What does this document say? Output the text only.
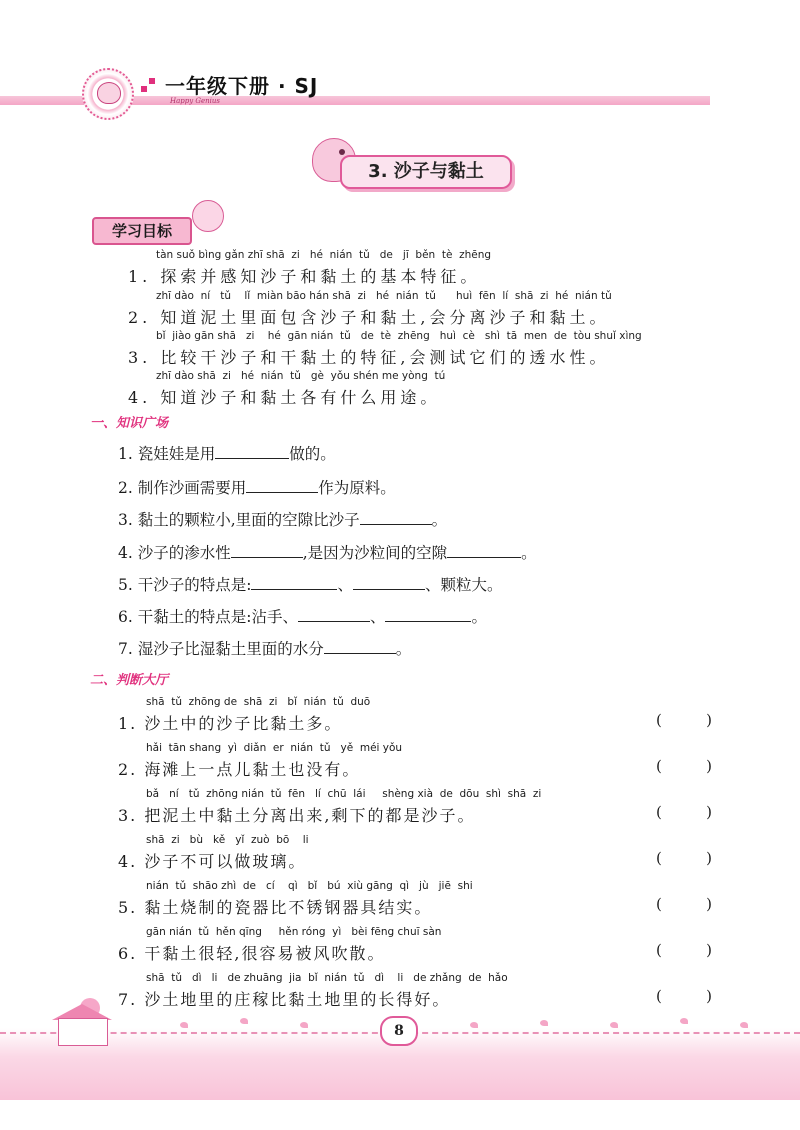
一年级下册 · SJ
Happy Genius
3. 沙子与黏土
学习目标
tàn suǒ bìng gǎn zhī shā  zi   hé  nián  tǔ   de   jī  běn  tè  zhēng
1. 探索并感知沙子和黏土的基本特征。
zhī dào  ní   tǔ    lǐ  miàn bāo hán shā  zi   hé  nián  tǔ      huì  fēn  lí  shā  zi  hé  nián tǔ
2. 知道泥土里面包含沙子和黏土,会分离沙子和黏土。
bǐ  jiào gān shā   zi    hé  gān nián  tǔ   de  tè  zhēng   huì  cè   shì  tā  men  de  tòu shuǐ xìng
3. 比较干沙子和干黏土的特征,会测试它们的透水性。
zhī dào shā  zi   hé  nián  tǔ   gè  yǒu shén me yòng  tú
4. 知道沙子和黏土各有什么用途。
一、知识广场
1. 瓷娃娃是用	做的。
2. 制作沙画需要用	作为原料。
3. 黏土的颗粒小,里面的空隙比沙子	。
4. 沙子的渗水性	,是因为沙粒间的空隙	。
5. 干沙子的特点是:	、	、颗粒大。
6. 干黏土的特点是:沾手、	、	。
7. 湿沙子比湿黏土里面的水分	。
二、判断大厅
shā  tǔ  zhōng de  shā  zi   bǐ  nián  tǔ  duō
1. 沙土中的沙子比黏土多。	(	)
hǎi  tān shang  yì  diǎn  er  nián  tǔ   yě  méi yǒu
2. 海滩上一点儿黏土也没有。	(	)
bǎ   ní   tǔ  zhōng nián  tǔ  fēn   lí  chū  lái     shèng xià  de  dōu  shì  shā  zi
3. 把泥土中黏土分离出来,剩下的都是沙子。	(	)
shā  zi   bù   kě   yǐ  zuò  bō    li
4. 沙子不可以做玻璃。	(	)
nián  tǔ  shāo zhì  de   cí    qì   bǐ   bú  xiù gāng  qì   jù   jiē  shi
5. 黏土烧制的瓷器比不锈钢器具结实。	(	)
gān nián  tǔ  hěn qīng     hěn róng  yì   bèi fēng chuī sàn
6. 干黏土很轻,很容易被风吹散。	(	)
shā  tǔ   dì   li   de zhuāng  jia  bǐ  nián  tǔ   dì    li   de zhǎng  de  hǎo
7. 沙土地里的庄稼比黏土地里的长得好。	(	)
8
